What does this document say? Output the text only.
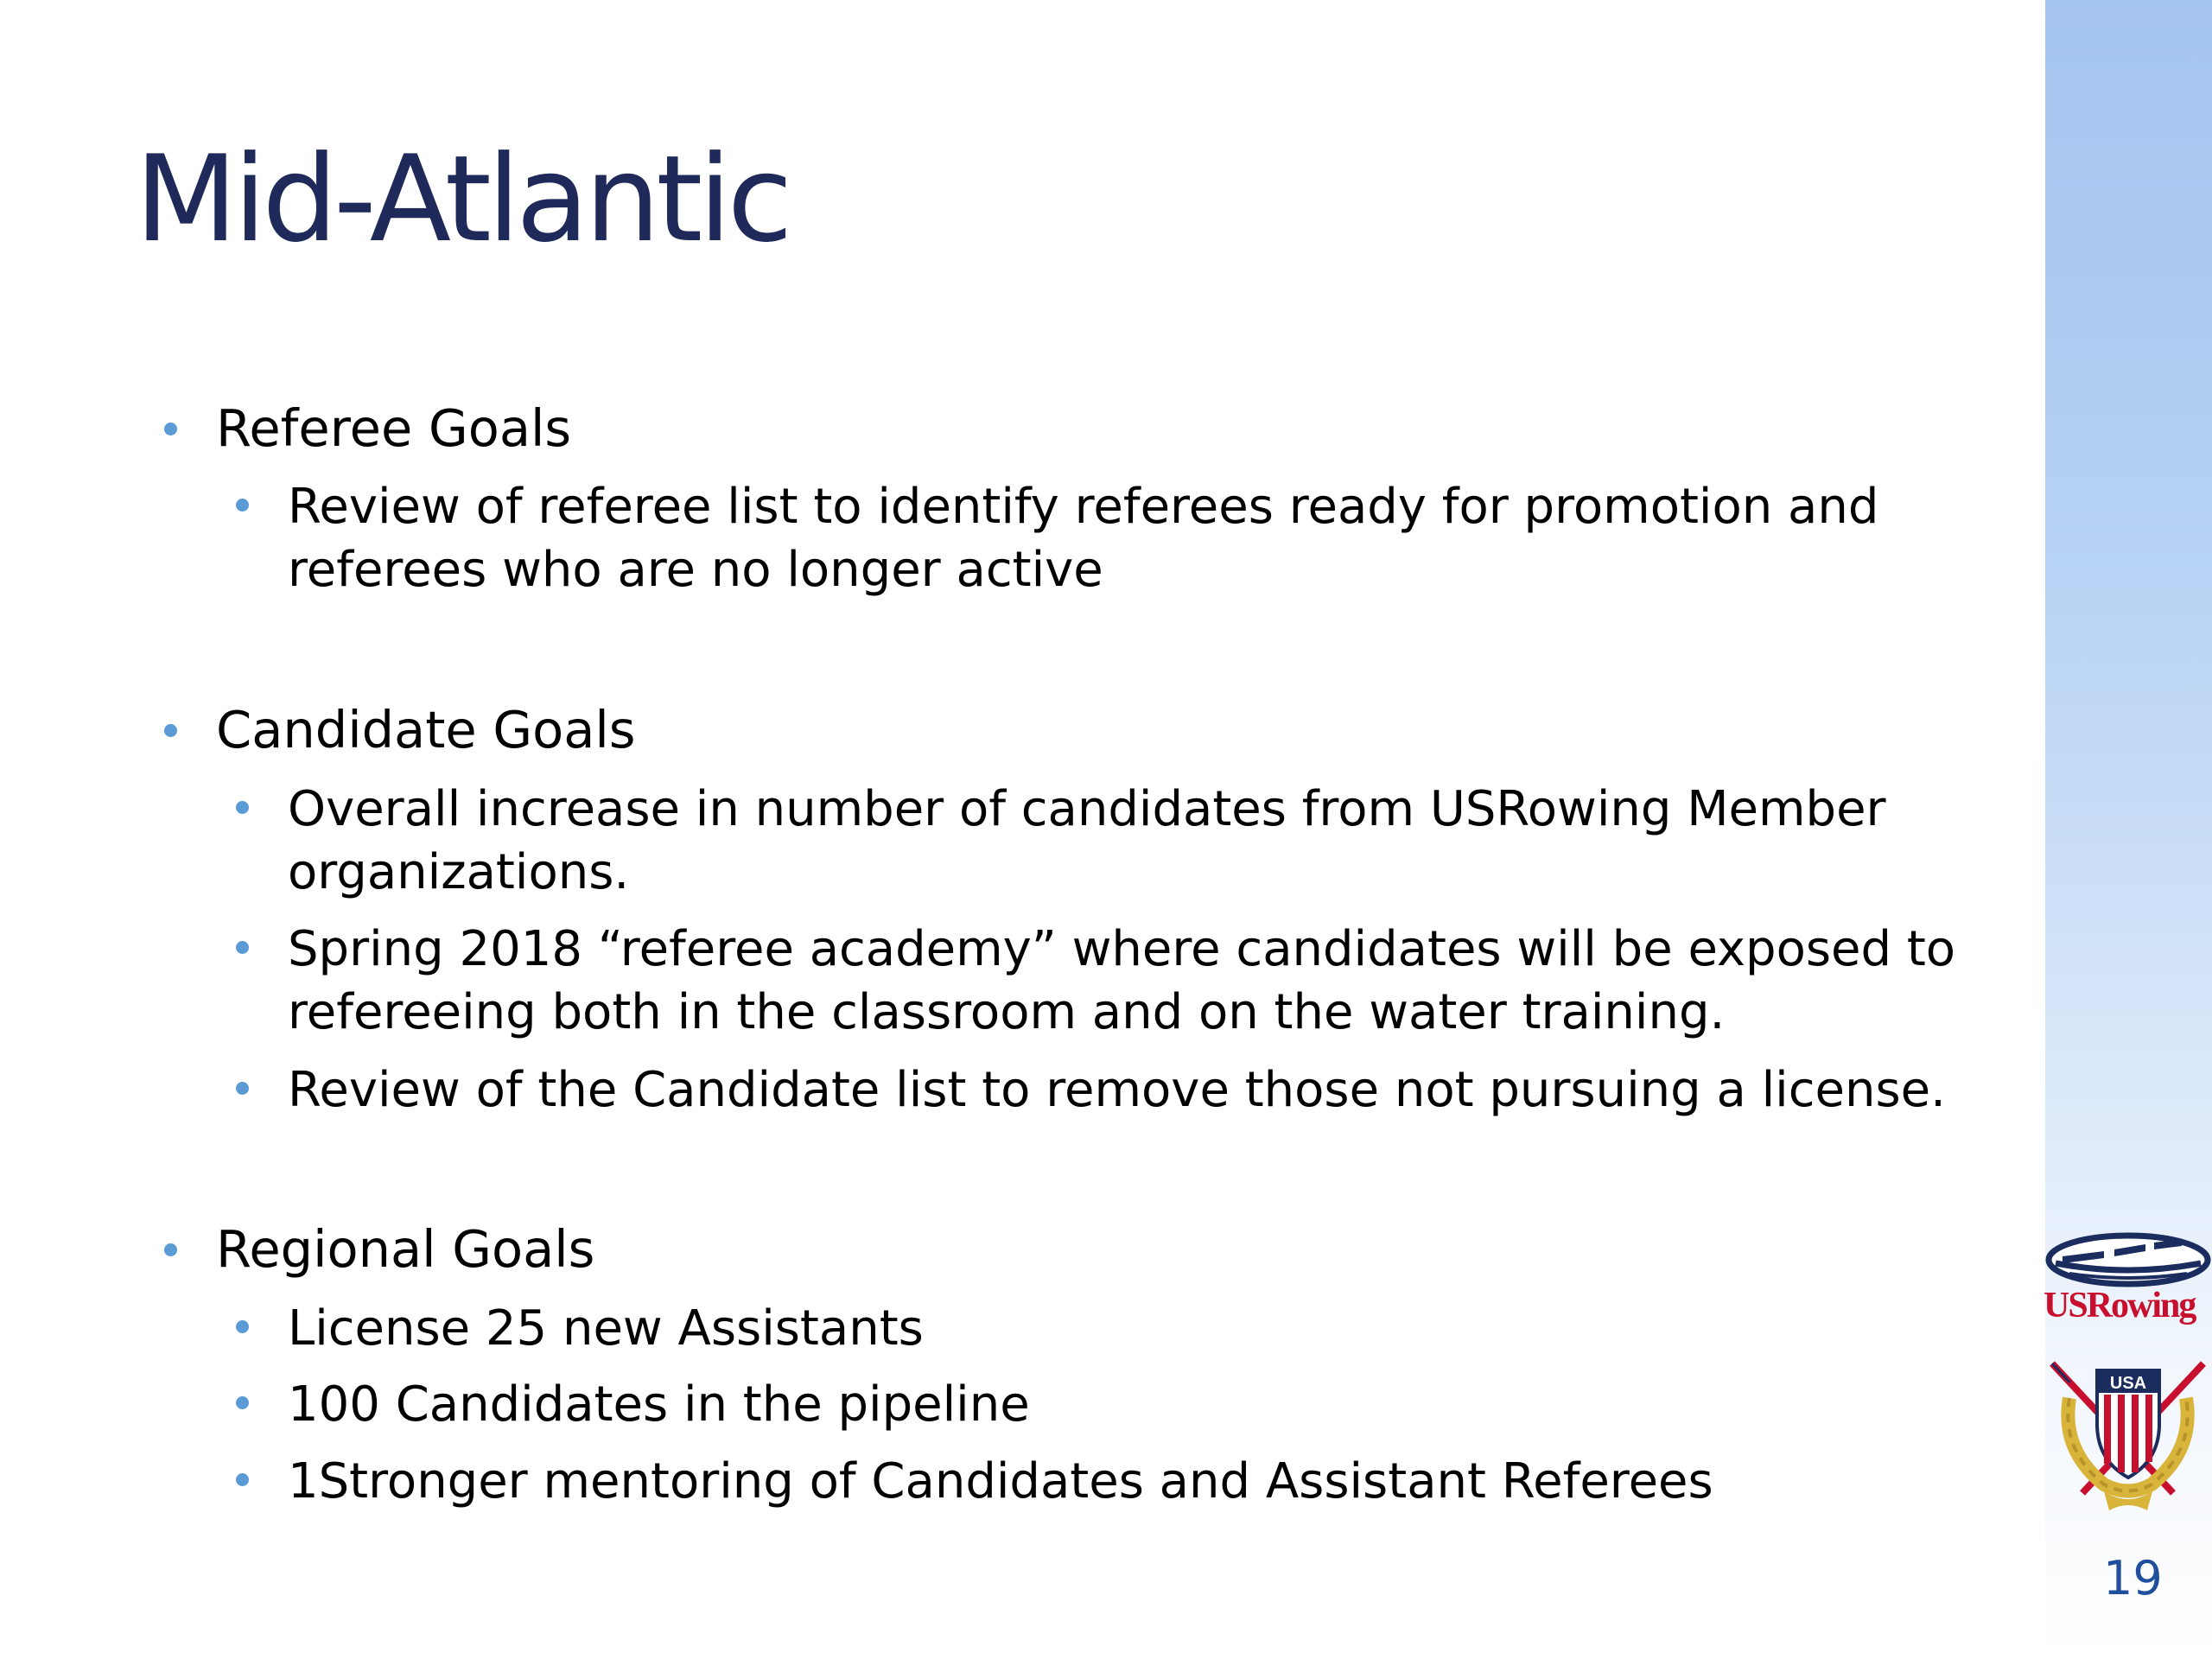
Mid-Atlantic
Referee Goals
Review of referee list to identify referees ready for promotion and referees who are no longer active
Candidate Goals
Overall increase in number of candidates from USRowing Member organizations.
Spring 2018 “referee academy” where candidates will be exposed to refereeing both in the classroom and on the water training.
Review of the Candidate list to remove those not pursuing a license.
Regional Goals
License 25 new Assistants
100 Candidates in the pipeline
1Stronger mentoring of Candidates and Assistant Referees
USRowing
USA
19
